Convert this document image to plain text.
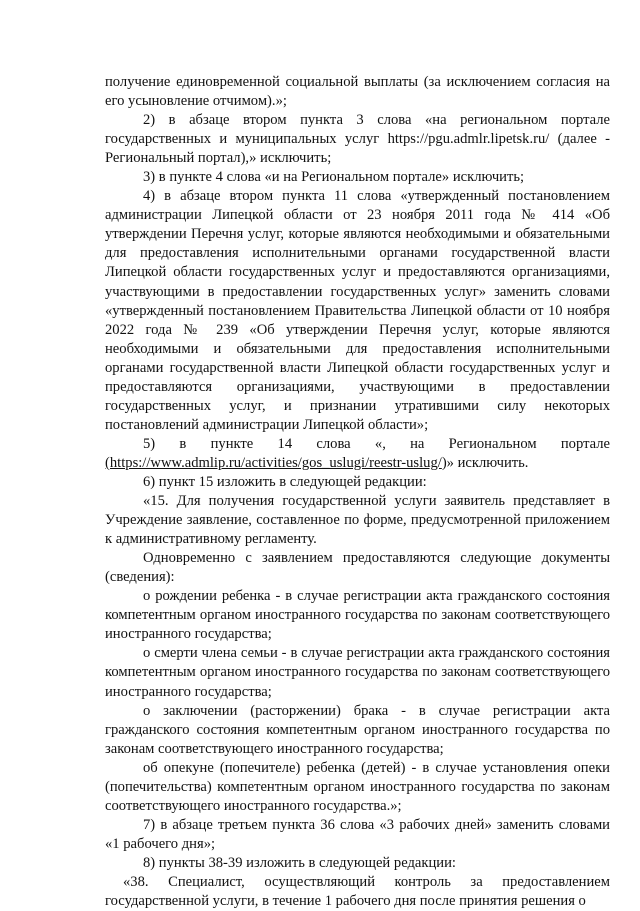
получение единовременной социальной выплаты (за исключением согласия на его усыновление отчимом).»;

2) в абзаце втором пункта 3 слова «на региональном портале государственных и муниципальных услуг https://pgu.admlr.lipetsk.ru/ (далее - Региональный портал),» исключить;

3) в пункте 4 слова «и на Региональном портале» исключить;

4) в абзаце втором пункта 11 слова «утвержденный постановлением администрации Липецкой области от 23 ноября 2011 года № 414 «Об утверждении Перечня услуг, которые являются необходимыми и обязательными для предоставления исполнительными органами государственной власти Липецкой области государственных услуг и предоставляются организациями, участвующими в предоставлении государственных услуг» заменить словами «утвержденный постановлением Правительства Липецкой области от 10 ноября 2022 года № 239 «Об утверждении Перечня услуг, которые являются необходимыми и обязательными для предоставления исполнительными органами государственной власти Липецкой области государственных услуг и предоставляются организациями, участвующими в предоставлении государственных услуг, и признании утратившими силу некоторых постановлений администрации Липецкой области»;

5) в пункте 14 слова «, на Региональном портале (https://www.admlip.ru/activities/gos_uslugi/reestr-uslug/)» исключить.

6) пункт 15 изложить в следующей редакции:

«15. Для получения государственной услуги заявитель представляет в Учреждение заявление, составленное по форме, предусмотренной приложением к административному регламенту.

Одновременно с заявлением предоставляются следующие документы (сведения):

о рождении ребенка - в случае регистрации акта гражданского состояния компетентным органом иностранного государства по законам соответствующего иностранного государства;

о смерти члена семьи - в случае регистрации акта гражданского состояния компетентным органом иностранного государства по законам соответствующего иностранного государства;

о заключении (расторжении) брака - в случае регистрации акта гражданского состояния компетентным органом иностранного государства по законам соответствующего иностранного государства;

об опекуне (попечителе) ребенка (детей) - в случае установления опеки (попечительства) компетентным органом иностранного государства по законам соответствующего иностранного государства.»;

7) в абзаце третьем пункта 36 слова «3 рабочих дней» заменить словами «1 рабочего дня»;

8) пункты 38-39 изложить в следующей редакции:

«38. Специалист, осуществляющий контроль за предоставлением государственной услуги, в течение 1 рабочего дня после принятия решения о
